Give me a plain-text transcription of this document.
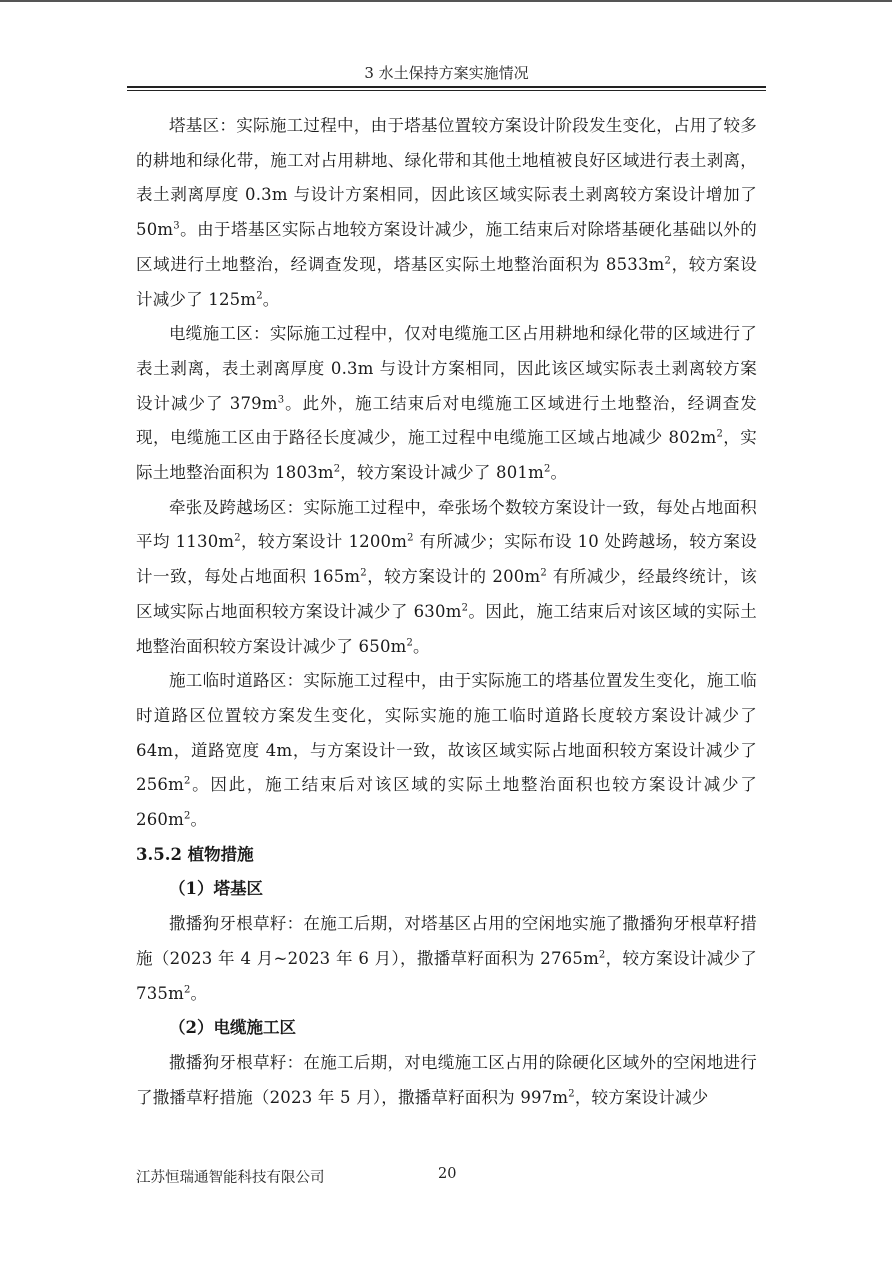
3 水土保持方案实施情况

塔基区：实际施工过程中，由于塔基位置较方案设计阶段发生变化，占用了较多的耕地和绿化带，施工对占用耕地、绿化带和其他土地植被良好区域进行表土剥离，表土剥离厚度 0.3m 与设计方案相同，因此该区域实际表土剥离较方案设计增加了 $50m^3$。由于塔基区实际占地较方案设计减少，施工结束后对除塔基硬化基础以外的区域进行土地整治，经调查发现，塔基区实际土地整治面积为 $8533m^2$，较方案设计减少了 $125m^2$。

电缆施工区：实际施工过程中，仅对电缆施工区占用耕地和绿化带的区域进行了表土剥离，表土剥离厚度 0.3m 与设计方案相同，因此该区域实际表土剥离较方案设计减少了 $379m^3$。此外，施工结束后对电缆施工区域进行土地整治，经调查发现，电缆施工区由于路径长度减少，施工过程中电缆施工区域占地减少 $802m^2$，实际土地整治面积为 $1803m^2$，较方案设计减少了 $801m^2$。

牵张及跨越场区：实际施工过程中，牵张场个数较方案设计一致，每处占地面积平均 $1130m^2$，较方案设计 $1200m^2$ 有所减少；实际布设 10 处跨越场，较方案设计一致，每处占地面积 $165m^2$，较方案设计的 $200m^2$ 有所减少，经最终统计，该区域实际占地面积较方案设计减少了 $630m^2$。因此，施工结束后对该区域的实际土地整治面积较方案设计减少了 $650m^2$。

施工临时道路区：实际施工过程中，由于实际施工的塔基位置发生变化，施工临时道路区位置较方案发生变化，实际实施的施工临时道路长度较方案设计减少了 64m，道路宽度 4m，与方案设计一致，故该区域实际占地面积较方案设计减少了 $256m^2$。因此，施工结束后对该区域的实际土地整治面积也较方案设计减少了 $260m^2$。

3.5.2 植物措施

（1）塔基区

撒播狗牙根草籽：在施工后期，对塔基区占用的空闲地实施了撒播狗牙根草籽措施（2023 年 4 月~2023 年 6 月），撒播草籽面积为 $2765m^2$，较方案设计减少了 $735m^2$。

（2）电缆施工区

撒播狗牙根草籽：在施工后期，对电缆施工区占用的除硬化区域外的空闲地进行了撒播草籽措施（2023 年 5 月），撒播草籽面积为 $997m^2$，较方案设计减少

江苏恒瑞通智能科技有限公司	20
